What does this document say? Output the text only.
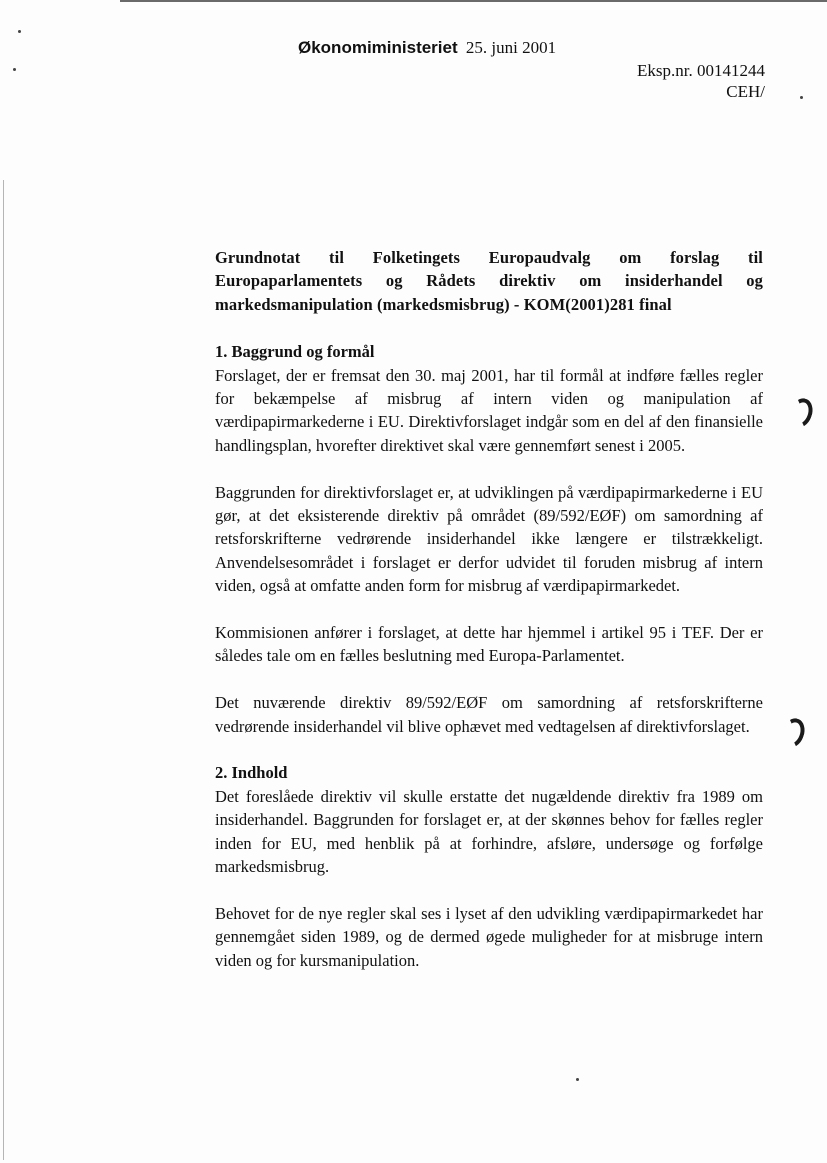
Økonomiministeriet 25. juni 2001
Eksp.nr. 00141244
CEH/

Grundnotat til Folketingets Europaudvalg om forslag til Europaparlamentets og Rådets direktiv om insiderhandel og markedsmanipulation (markedsmisbrug) - KOM(2001)281 final

1. Baggrund og formål

Forslaget, der er fremsat den 30. maj 2001, har til formål at indføre fælles regler for bekæmpelse af misbrug af intern viden og manipulation af værdipapirmarkederne i EU. Direktivforslaget indgår som en del af den finansielle handlingsplan, hvorefter direktivet skal være gennemført senest i 2005.

Baggrunden for direktivforslaget er, at udviklingen på værdipapirmarkederne i EU gør, at det eksisterende direktiv på området (89/592/EØF) om samordning af retsforskrifterne vedrørende insiderhandel ikke længere er tilstrækkeligt. Anvendelsesområdet i forslaget er derfor udvidet til foruden misbrug af intern viden, også at omfatte anden form for misbrug af værdipapirmarkedet.

Kommisionen anfører i forslaget, at dette har hjemmel i artikel 95 i TEF. Der er således tale om en fælles beslutning med Europa-Parlamentet.

Det nuværende direktiv 89/592/EØF om samordning af retsforskrifterne vedrørende insiderhandel vil blive ophævet med vedtagelsen af direktivforslaget.

2. Indhold

Det foreslåede direktiv vil skulle erstatte det nugældende direktiv fra 1989 om insiderhandel. Baggrunden for forslaget er, at der skønnes behov for fælles regler inden for EU, med henblik på at forhindre, afsløre, undersøge og forfølge markedsmisbrug.

Behovet for de nye regler skal ses i lyset af den udvikling værdipapirmarkedet har gennemgået siden 1989, og de dermed øgede muligheder for at misbruge intern viden og for kursmanipulation.
